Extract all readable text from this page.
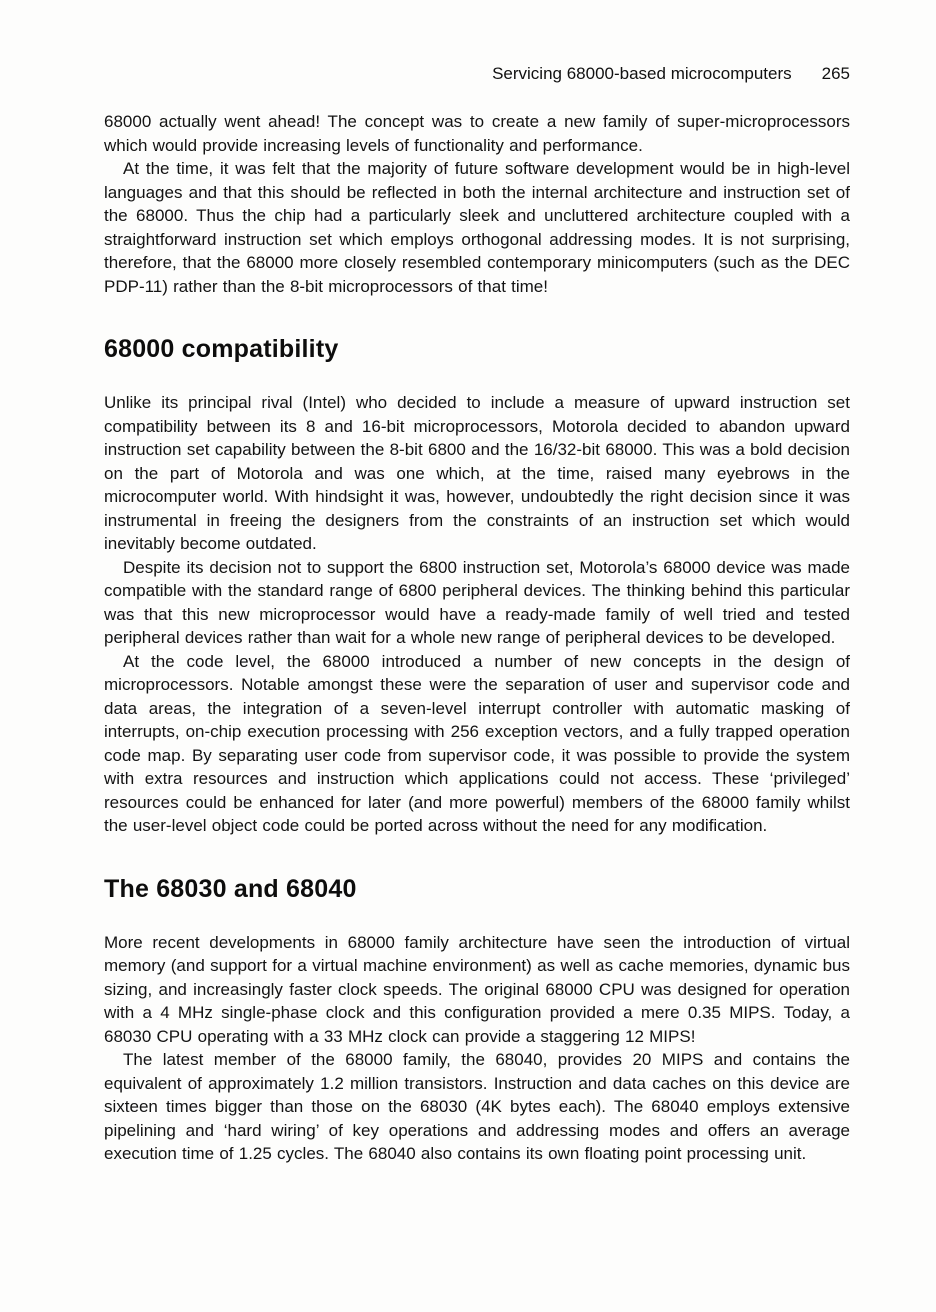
Servicing 68000-based microcomputers 265

68000 actually went ahead! The concept was to create a new family of super-microprocessors which would provide increasing levels of functionality and performance.

At the time, it was felt that the majority of future software development would be in high-level languages and that this should be reflected in both the internal architecture and instruction set of the 68000. Thus the chip had a particularly sleek and uncluttered architecture coupled with a straightforward instruction set which employs orthogonal addressing modes. It is not surprising, therefore, that the 68000 more closely resembled contemporary minicomputers (such as the DEC PDP-11) rather than the 8-bit microprocessors of that time!

68000 compatibility

Unlike its principal rival (Intel) who decided to include a measure of upward instruction set compatibility between its 8 and 16-bit microprocessors, Motorola decided to abandon upward instruction set capability between the 8-bit 6800 and the 16/32-bit 68000. This was a bold decision on the part of Motorola and was one which, at the time, raised many eyebrows in the microcomputer world. With hindsight it was, however, undoubtedly the right decision since it was instrumental in freeing the designers from the constraints of an instruction set which would inevitably become outdated.

Despite its decision not to support the 6800 instruction set, Motorola’s 68000 device was made compatible with the standard range of 6800 peripheral devices. The thinking behind this particular was that this new microprocessor would have a ready-made family of well tried and tested peripheral devices rather than wait for a whole new range of peripheral devices to be developed.

At the code level, the 68000 introduced a number of new concepts in the design of microprocessors. Notable amongst these were the separation of user and supervisor code and data areas, the integration of a seven-level interrupt controller with automatic masking of interrupts, on-chip execution processing with 256 exception vectors, and a fully trapped operation code map. By separating user code from supervisor code, it was possible to provide the system with extra resources and instruction which applications could not access. These ‘privileged’ resources could be enhanced for later (and more powerful) members of the 68000 family whilst the user-level object code could be ported across without the need for any modification.

The 68030 and 68040

More recent developments in 68000 family architecture have seen the introduction of virtual memory (and support for a virtual machine environment) as well as cache memories, dynamic bus sizing, and increasingly faster clock speeds. The original 68000 CPU was designed for operation with a 4 MHz single-phase clock and this configuration provided a mere 0.35 MIPS. Today, a 68030 CPU operating with a 33 MHz clock can provide a staggering 12 MIPS!

The latest member of the 68000 family, the 68040, provides 20 MIPS and contains the equivalent of approximately 1.2 million transistors. Instruction and data caches on this device are sixteen times bigger than those on the 68030 (4K bytes each). The 68040 employs extensive pipelining and ‘hard wiring’ of key operations and addressing modes and offers an average execution time of 1.25 cycles. The 68040 also contains its own floating point processing unit.
